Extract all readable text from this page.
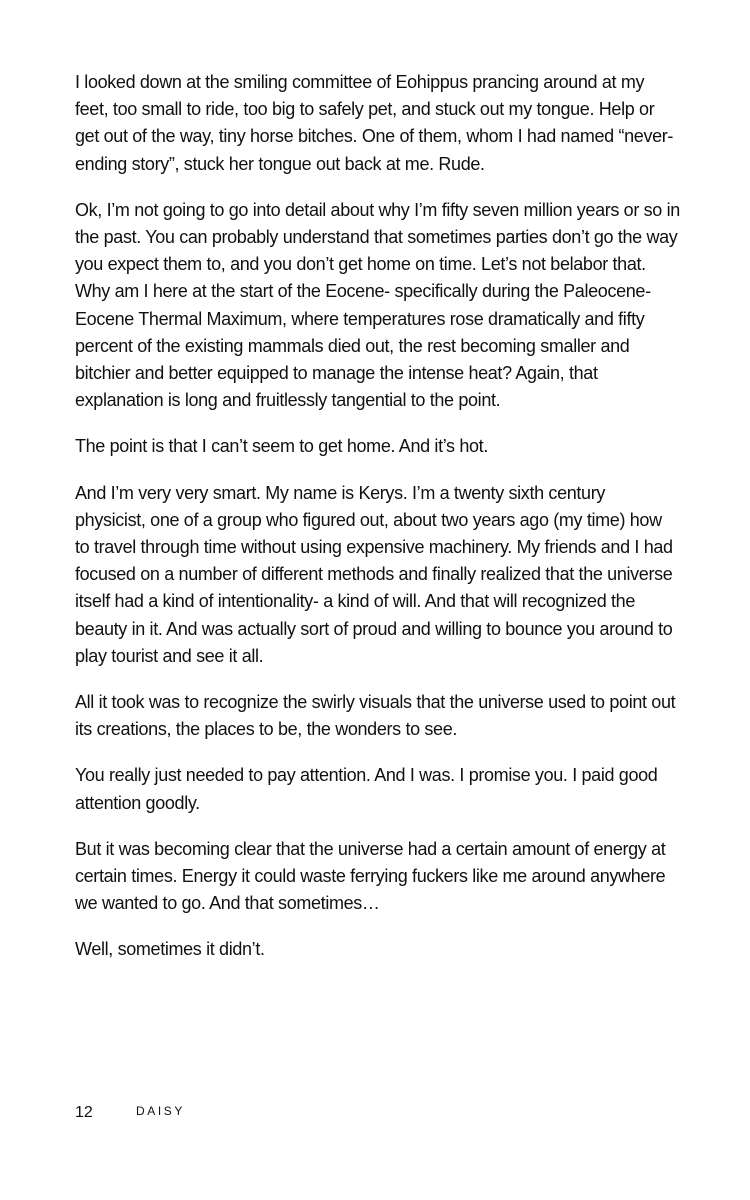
I looked down at the smiling committee of Eohippus prancing around at my feet, too small to ride, too big to safely pet, and stuck out my tongue. Help or get out of the way, tiny horse bitches. One of them, whom I had named “never-ending story”, stuck her tongue out back at me. Rude.

Ok, I’m not going to go into detail about why I’m fifty seven million years or so in the past. You can probably understand that sometimes parties don’t go the way you expect them to, and you don’t get home on time. Let’s not belabor that. Why am I here at the start of the Eocene- specifically during the Paleocene-Eocene Thermal Maximum, where temperatures rose dramatically and fifty percent of the existing mammals died out, the rest becoming smaller and bitchier and better equipped to manage the intense heat? Again, that explanation is long and fruitlessly tangential to the point.

The point is that I can’t seem to get home. And it’s hot.

And I’m very very smart. My name is Kerys. I’m a twenty sixth century physicist, one of a group who figured out, about two years ago (my time) how to travel through time without using expensive machinery. My friends and I had focused on a number of different methods and finally realized that the universe itself had a kind of intentionality- a kind of will. And that will recognized the beauty in it. And was actually sort of proud and willing to bounce you around to play tourist and see it all.

All it took was to recognize the swirly visuals that the universe used to point out its creations, the places to be, the wonders to see.

You really just needed to pay attention. And I was. I promise you. I paid good attention goodly.

But it was becoming clear that the universe had a certain amount of energy at certain times. Energy it could waste ferrying fuckers like me around anywhere we wanted to go. And that sometimes…

Well, sometimes it didn’t.

12	DAISY
